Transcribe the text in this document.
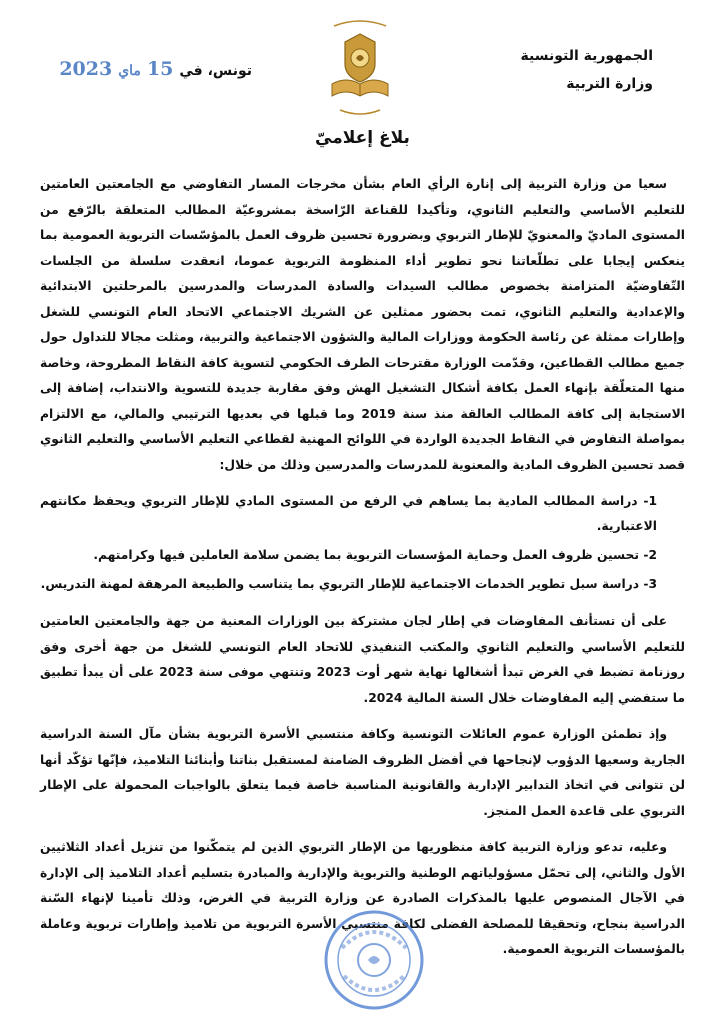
الجمهورية التونسية
وزارة التربية
تونس، في
15
ماي
2023
بلاغ إعلاميّ

سعيا من وزارة التربية إلى إنارة الرأي العام بشأن مخرجات المسار التفاوضي مع الجامعتين العامتين للتعليم الأساسي والتعليم الثانوي، وتأكيدا للقناعة الرّاسخة بمشروعيّة المطالب المتعلقة بالرّفع من المستوى الماديّ والمعنويّ للإطار التربوي وبضرورة تحسين ظروف العمل بالمؤسّسات التربوية العمومية بما ينعكس إيجابا على تطلّعاتنا نحو تطوير أداء المنظومة التربوية عموما، انعقدت سلسلة من الجلسات التّفاوضيّة المتزامنة بخصوص مطالب السيدات والسادة المدرسات والمدرسين بالمرحلتين الابتدائية والإعدادية والتعليم الثانوي، تمت بحضور ممثلين عن الشريك الاجتماعي الاتحاد العام التونسي للشغل وإطارات ممثلة عن رئاسة الحكومة ووزارات المالية والشؤون الاجتماعية والتربية، ومثلت مجالا للتداول حول جميع مطالب القطاعين، وقدّمت الوزارة مقترحات الطرف الحكومي لتسوية كافة النقاط المطروحة، وخاصة منها المتعلّقة بإنهاء العمل بكافة أشكال التشغيل الهش وفق مقاربة جديدة للتسوية والانتداب، إضافة إلى الاستجابة إلى كافة المطالب العالقة منذ سنة 2019 وما قبلها في بعديها الترتيبي والمالي، مع الالتزام بمواصلة التفاوض في النقاط الجديدة الواردة في اللوائح المهنية لقطاعي التعليم الأساسي والتعليم الثانوي قصد تحسين الظروف المادية والمعنوية للمدرسات والمدرسين وذلك من خلال:

1- دراسة المطالب المادية بما يساهم في الرفع من المستوى المادي للإطار التربوي ويحفظ مكانتهم الاعتبارية.
2- تحسين ظروف العمل وحماية المؤسسات التربوية بما يضمن سلامة العاملين فيها وكرامتهم.
3- دراسة سبل تطوير الخدمات الاجتماعية للإطار التربوي بما يتناسب والطبيعة المرهقة لمهنة التدريس.

على أن تستأنف المفاوضات في إطار لجان مشتركة بين الوزارات المعنية من جهة والجامعتين العامتين للتعليم الأساسي والتعليم الثانوي والمكتب التنفيذي للاتحاد العام التونسي للشغل من جهة أخرى وفق روزنامة تضبط في الغرض تبدأ أشغالها نهاية شهر أوت 2023 وتنتهي موفى سنة 2023 على أن يبدأ تطبيق ما ستفضي إليه المفاوضات خلال السنة المالية 2024.

وإذ تطمئن الوزارة عموم العائلات التونسية وكافة منتسبي الأسرة التربوية بشأن مآل السنة الدراسية الجارية وسعيها الدؤوب لإنجاحها في أفضل الظروف الضامنة لمستقبل بناتنا وأبنائنا التلاميذ، فإنّها تؤكّد أنها لن تتوانى في اتخاذ التدابير الإدارية والقانونية المناسبة خاصة فيما يتعلق بالواجبات المحمولة على الإطار التربوي على قاعدة العمل المنجز.

وعليه، تدعو وزارة التربية كافة منظوريها من الإطار التربوي الذين لم يتمكّنوا من تنزيل أعداد الثلاثيين الأول والثاني، إلى تحمّل مسؤولياتهم الوطنية والتربوية والإدارية والمبادرة بتسليم أعداد التلاميذ إلى الإدارة في الآجال المنصوص عليها بالمذكرات الصادرة عن وزارة التربية في الغرض، وذلك تأمينا لإنهاء السّنة الدراسية بنجاح، وتحقيقا للمصلحة الفضلى لكافة منتسبي الأسرة التربوية من تلاميذ وإطارات تربوية وعاملة بالمؤسسات التربوية العمومية.
